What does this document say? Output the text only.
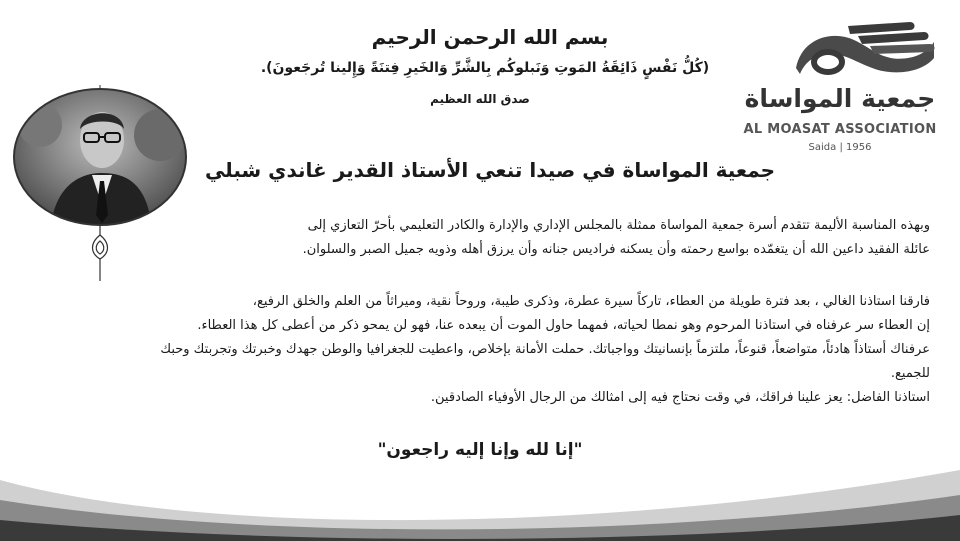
بسم الله الرحمن الرحيم
(كُلُّ نَفْسٍ ذَائِقَةُ المَوتِ وَنَبلوكُم بِالشَّرِّ وَالخَيرِ فِتنَةً وَإِلينا تُرجَعونَ).
صدق الله العظيم	جمعية المواساة
AL MOASAT ASSOCIATION
Saida | 1956
جمعية المواساة في صيدا تنعي الأستاذ القدير غاندي شبلي
وبهذه المناسبة الأليمة تتقدم أسرة جمعية المواساة ممثلة بالمجلس الإداري والإدارة والكادر التعليمي بأحرّ التعازي إلى
عائلة الفقيد داعين الله أن يتغمّده بواسع رحمته وأن يسكنه فراديس جنانه وأن يرزق أهله وذويه جميل الصبر والسلوان.
فارقنا استاذنا الغالي ، بعد فترة طويلة من العطاء، تاركاً سيرة عطرة، وذكرى طيبة، وروحاً نقية، وميراثاً من العلم والخلق الرفيع،
إن العطاء سر عرفناه في استاذنا المرحوم وهو نمطا لحياته، فمهما حاول الموت أن يبعده عنا، فهو لن يمحو ذكر من أعطى كل هذا العطاء.
عرفناك أستاذاً هادئاً، متواضعاً، قنوعاً، ملتزماً بإنسانيتك وواجباتك. حملت الأمانة بإخلاص، واعطيت للجغرافيا والوطن جهدك وخبرتك وتجربتك وحبك للجميع.
استاذنا الفاضل: يعز علينا فراقك، في وقت نحتاج فيه إلى امثالك من الرجال الأوفياء الصادقين.
"إنا لله وإنا إليه راجعون"
